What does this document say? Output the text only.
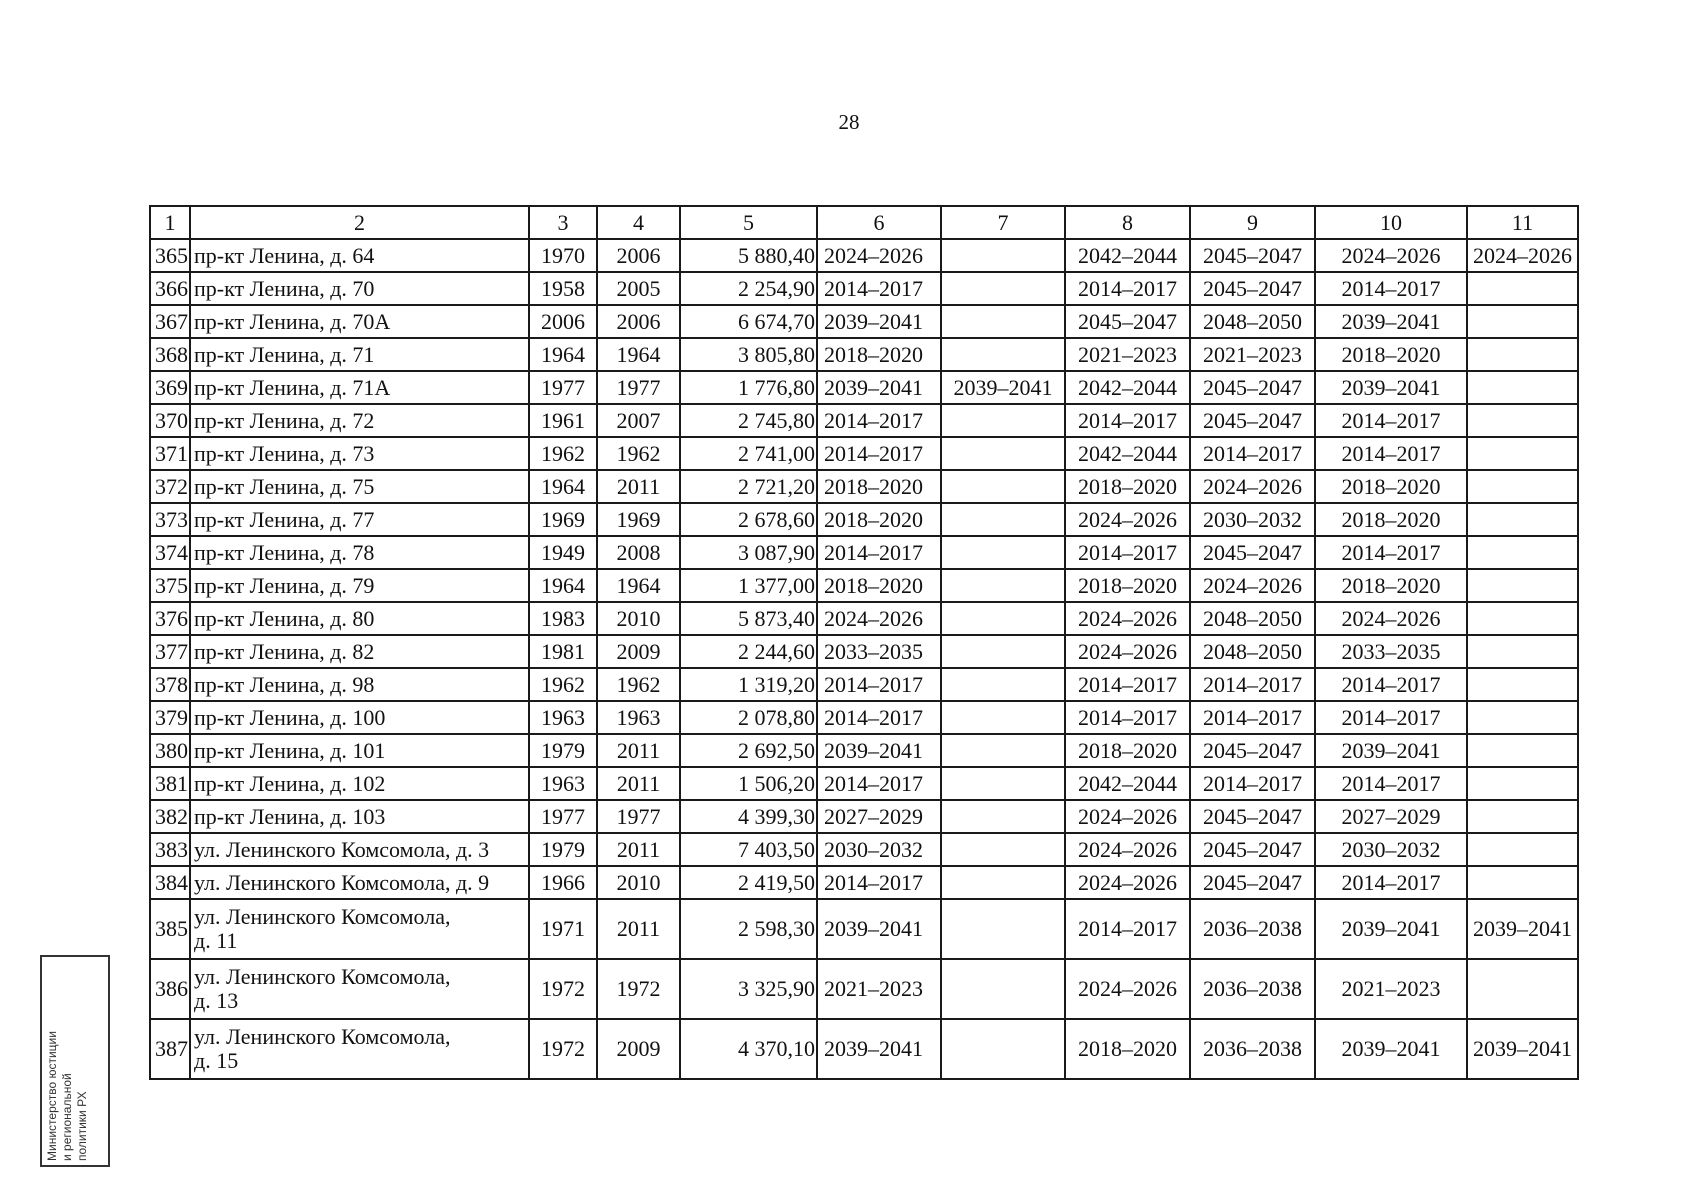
28
1	2	3	4	5	6	7	8	9	10	11
365	пр-кт Ленина, д. 64	1970	2006	5 880,40	2024–2026		2042–2044	2045–2047	2024–2026	2024–2026
366	пр-кт Ленина, д. 70	1958	2005	2 254,90	2014–2017		2014–2017	2045–2047	2014–2017	
367	пр-кт Ленина, д. 70А	2006	2006	6 674,70	2039–2041		2045–2047	2048–2050	2039–2041	
368	пр-кт Ленина, д. 71	1964	1964	3 805,80	2018–2020		2021–2023	2021–2023	2018–2020	
369	пр-кт Ленина, д. 71А	1977	1977	1 776,80	2039–2041	2039–2041	2042–2044	2045–2047	2039–2041	
370	пр-кт Ленина, д. 72	1961	2007	2 745,80	2014–2017		2014–2017	2045–2047	2014–2017	
371	пр-кт Ленина, д. 73	1962	1962	2 741,00	2014–2017		2042–2044	2014–2017	2014–2017	
372	пр-кт Ленина, д. 75	1964	2011	2 721,20	2018–2020		2018–2020	2024–2026	2018–2020	
373	пр-кт Ленина, д. 77	1969	1969	2 678,60	2018–2020		2024–2026	2030–2032	2018–2020	
374	пр-кт Ленина, д. 78	1949	2008	3 087,90	2014–2017		2014–2017	2045–2047	2014–2017	
375	пр-кт Ленина, д. 79	1964	1964	1 377,00	2018–2020		2018–2020	2024–2026	2018–2020	
376	пр-кт Ленина, д. 80	1983	2010	5 873,40	2024–2026		2024–2026	2048–2050	2024–2026	
377	пр-кт Ленина, д. 82	1981	2009	2 244,60	2033–2035		2024–2026	2048–2050	2033–2035	
378	пр-кт Ленина, д. 98	1962	1962	1 319,20	2014–2017		2014–2017	2014–2017	2014–2017	
379	пр-кт Ленина, д. 100	1963	1963	2 078,80	2014–2017		2014–2017	2014–2017	2014–2017	
380	пр-кт Ленина, д. 101	1979	2011	2 692,50	2039–2041		2018–2020	2045–2047	2039–2041	
381	пр-кт Ленина, д. 102	1963	2011	1 506,20	2014–2017		2042–2044	2014–2017	2014–2017	
382	пр-кт Ленина, д. 103	1977	1977	4 399,30	2027–2029		2024–2026	2045–2047	2027–2029	
383	ул. Ленинского Комсомола, д. 3	1979	2011	7 403,50	2030–2032		2024–2026	2045–2047	2030–2032	
384	ул. Ленинского Комсомола, д. 9	1966	2010	2 419,50	2014–2017		2024–2026	2045–2047	2014–2017	
385	ул. Ленинского Комсомола,
д. 11	1971	2011	2 598,30	2039–2041		2014–2017	2036–2038	2039–2041	2039–2041
386	ул. Ленинского Комсомола,
д. 13	1972	1972	3 325,90	2021–2023		2024–2026	2036–2038	2021–2023	
387	ул. Ленинского Комсомола,
д. 15	1972	2009	4 370,10	2039–2041		2018–2020	2036–2038	2039–2041	2039–2041
Министерство юстиции и региональной политики РХ
